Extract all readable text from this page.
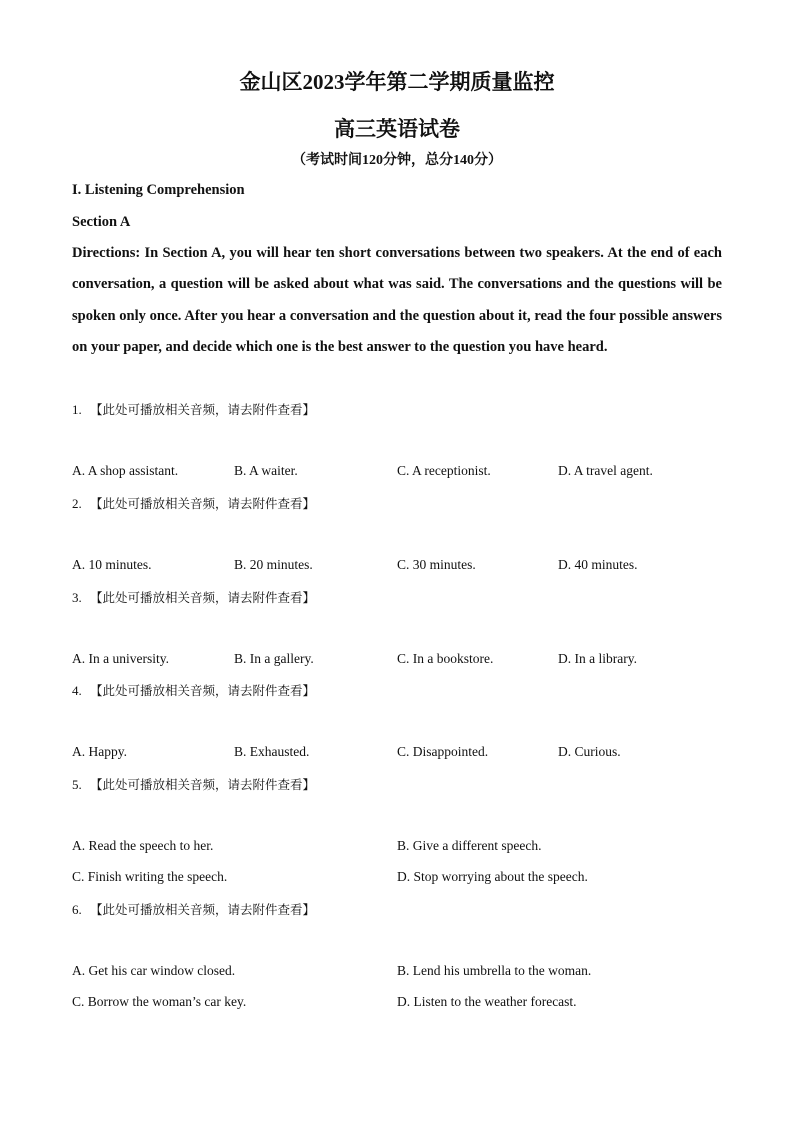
金山区2023学年第二学期质量监控
高三英语试卷
（考试时间120分钟，总分140分）
I. Listening Comprehension
Section A
Directions: In Section A, you will hear ten short conversations between two speakers. At the end of each conversation, a question will be asked about what was said. The conversations and the questions will be spoken only once. After you hear a conversation and the question about it, read the four possible answers on your paper, and decide which one is the best answer to the question you have heard.
1. 【此处可播放相关音频，请去附件查看】
A. A shop assistant.	B. A waiter.	C. A receptionist.	D. A travel agent.
2. 【此处可播放相关音频，请去附件查看】
A. 10 minutes.	B. 20 minutes.	C. 30 minutes.	D. 40 minutes.
3. 【此处可播放相关音频，请去附件查看】
A. In a university.	B. In a gallery.	C. In a bookstore.	D. In a library.
4. 【此处可播放相关音频，请去附件查看】
A. Happy.	B. Exhausted.	C. Disappointed.	D. Curious.
5. 【此处可播放相关音频，请去附件查看】
A. Read the speech to her.	B. Give a different speech.
C. Finish writing the speech.	D. Stop worrying about the speech.
6. 【此处可播放相关音频，请去附件查看】
A. Get his car window closed.	B. Lend his umbrella to the woman.
C. Borrow the woman’s car key.	D. Listen to the weather forecast.
